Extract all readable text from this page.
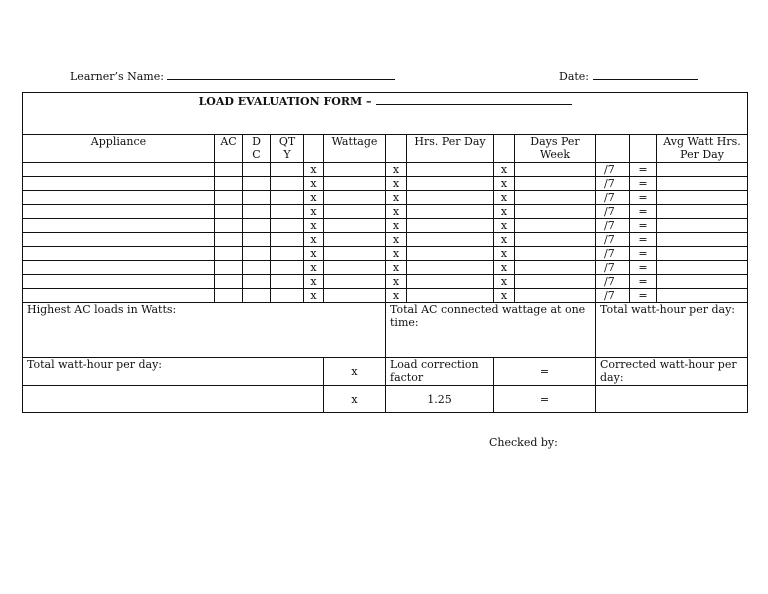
Learner’s Name:	Date:
LOAD EVALUATION FORM –												
Appliance	AC	D C	QT Y		Wattage		Hrs. Per Day		Days Per Week			Avg Watt Hrs. Per Day
				x		x		x		/7	=	
				x		x		x		/7	=	
				x		x		x		/7	=	
				x		x		x		/7	=	
				x		x		x		/7	=	
				x		x		x		/7	=	
				x		x		x		/7	=	
				x		x		x		/7	=	
				x		x		x		/7	=	
				x		x		x		/7	=	
Highest AC loads in Watts:						Total AC connected wattage at one time:				Total watt-hour per day:		
Total watt-hour per day:					x	Load correction factor		=		Corrected watt-hour per day:		
					x	1.25		=				
Checked by:
